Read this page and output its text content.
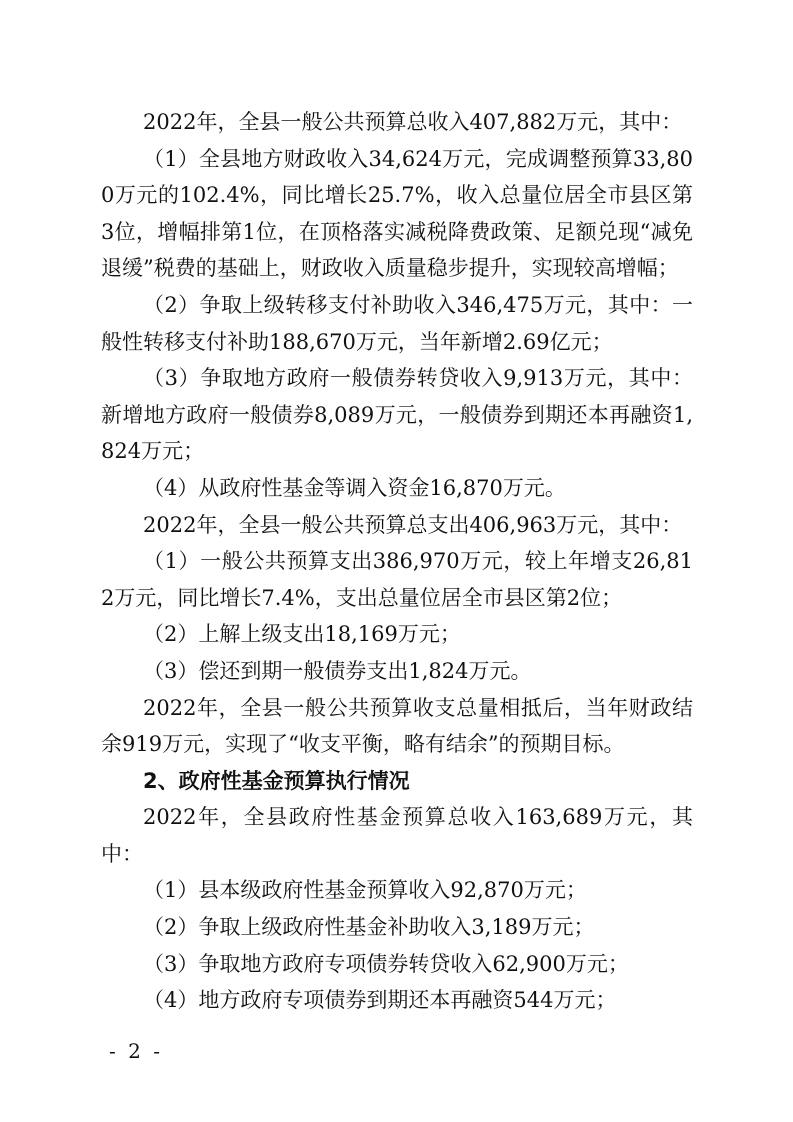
2022年，全县一般公共预算总收入407,882万元，其中：

（1）全县地方财政收入34,624万元，完成调整预算33,800万元的102.4%，同比增长25.7%，收入总量位居全市县区第3位，增幅排第1位，在顶格落实减税降费政策、足额兑现“减免退缓”税费的基础上，财政收入质量稳步提升，实现较高增幅；

（2）争取上级转移支付补助收入346,475万元，其中：一般性转移支付补助188,670万元，当年新增2.69亿元；

（3）争取地方政府一般债券转贷收入9,913万元，其中：新增地方政府一般债券8,089万元，一般债券到期还本再融资1,824万元；

（4）从政府性基金等调入资金16,870万元。

2022年，全县一般公共预算总支出406,963万元，其中：

（1）一般公共预算支出386,970万元，较上年增支26,812万元，同比增长7.4%，支出总量位居全市县区第2位；

（2）上解上级支出18,169万元；

（3）偿还到期一般债券支出1,824万元。

2022年，全县一般公共预算收支总量相抵后，当年财政结余919万元，实现了“收支平衡，略有结余”的预期目标。

2、政府性基金预算执行情况

2022年，全县政府性基金预算总收入163,689万元，其中：

（1）县本级政府性基金预算收入92,870万元；

（2）争取上级政府性基金补助收入3,189万元；

（3）争取地方政府专项债券转贷收入62,900万元；

（4）地方政府专项债券到期还本再融资544万元；

- 2 -
